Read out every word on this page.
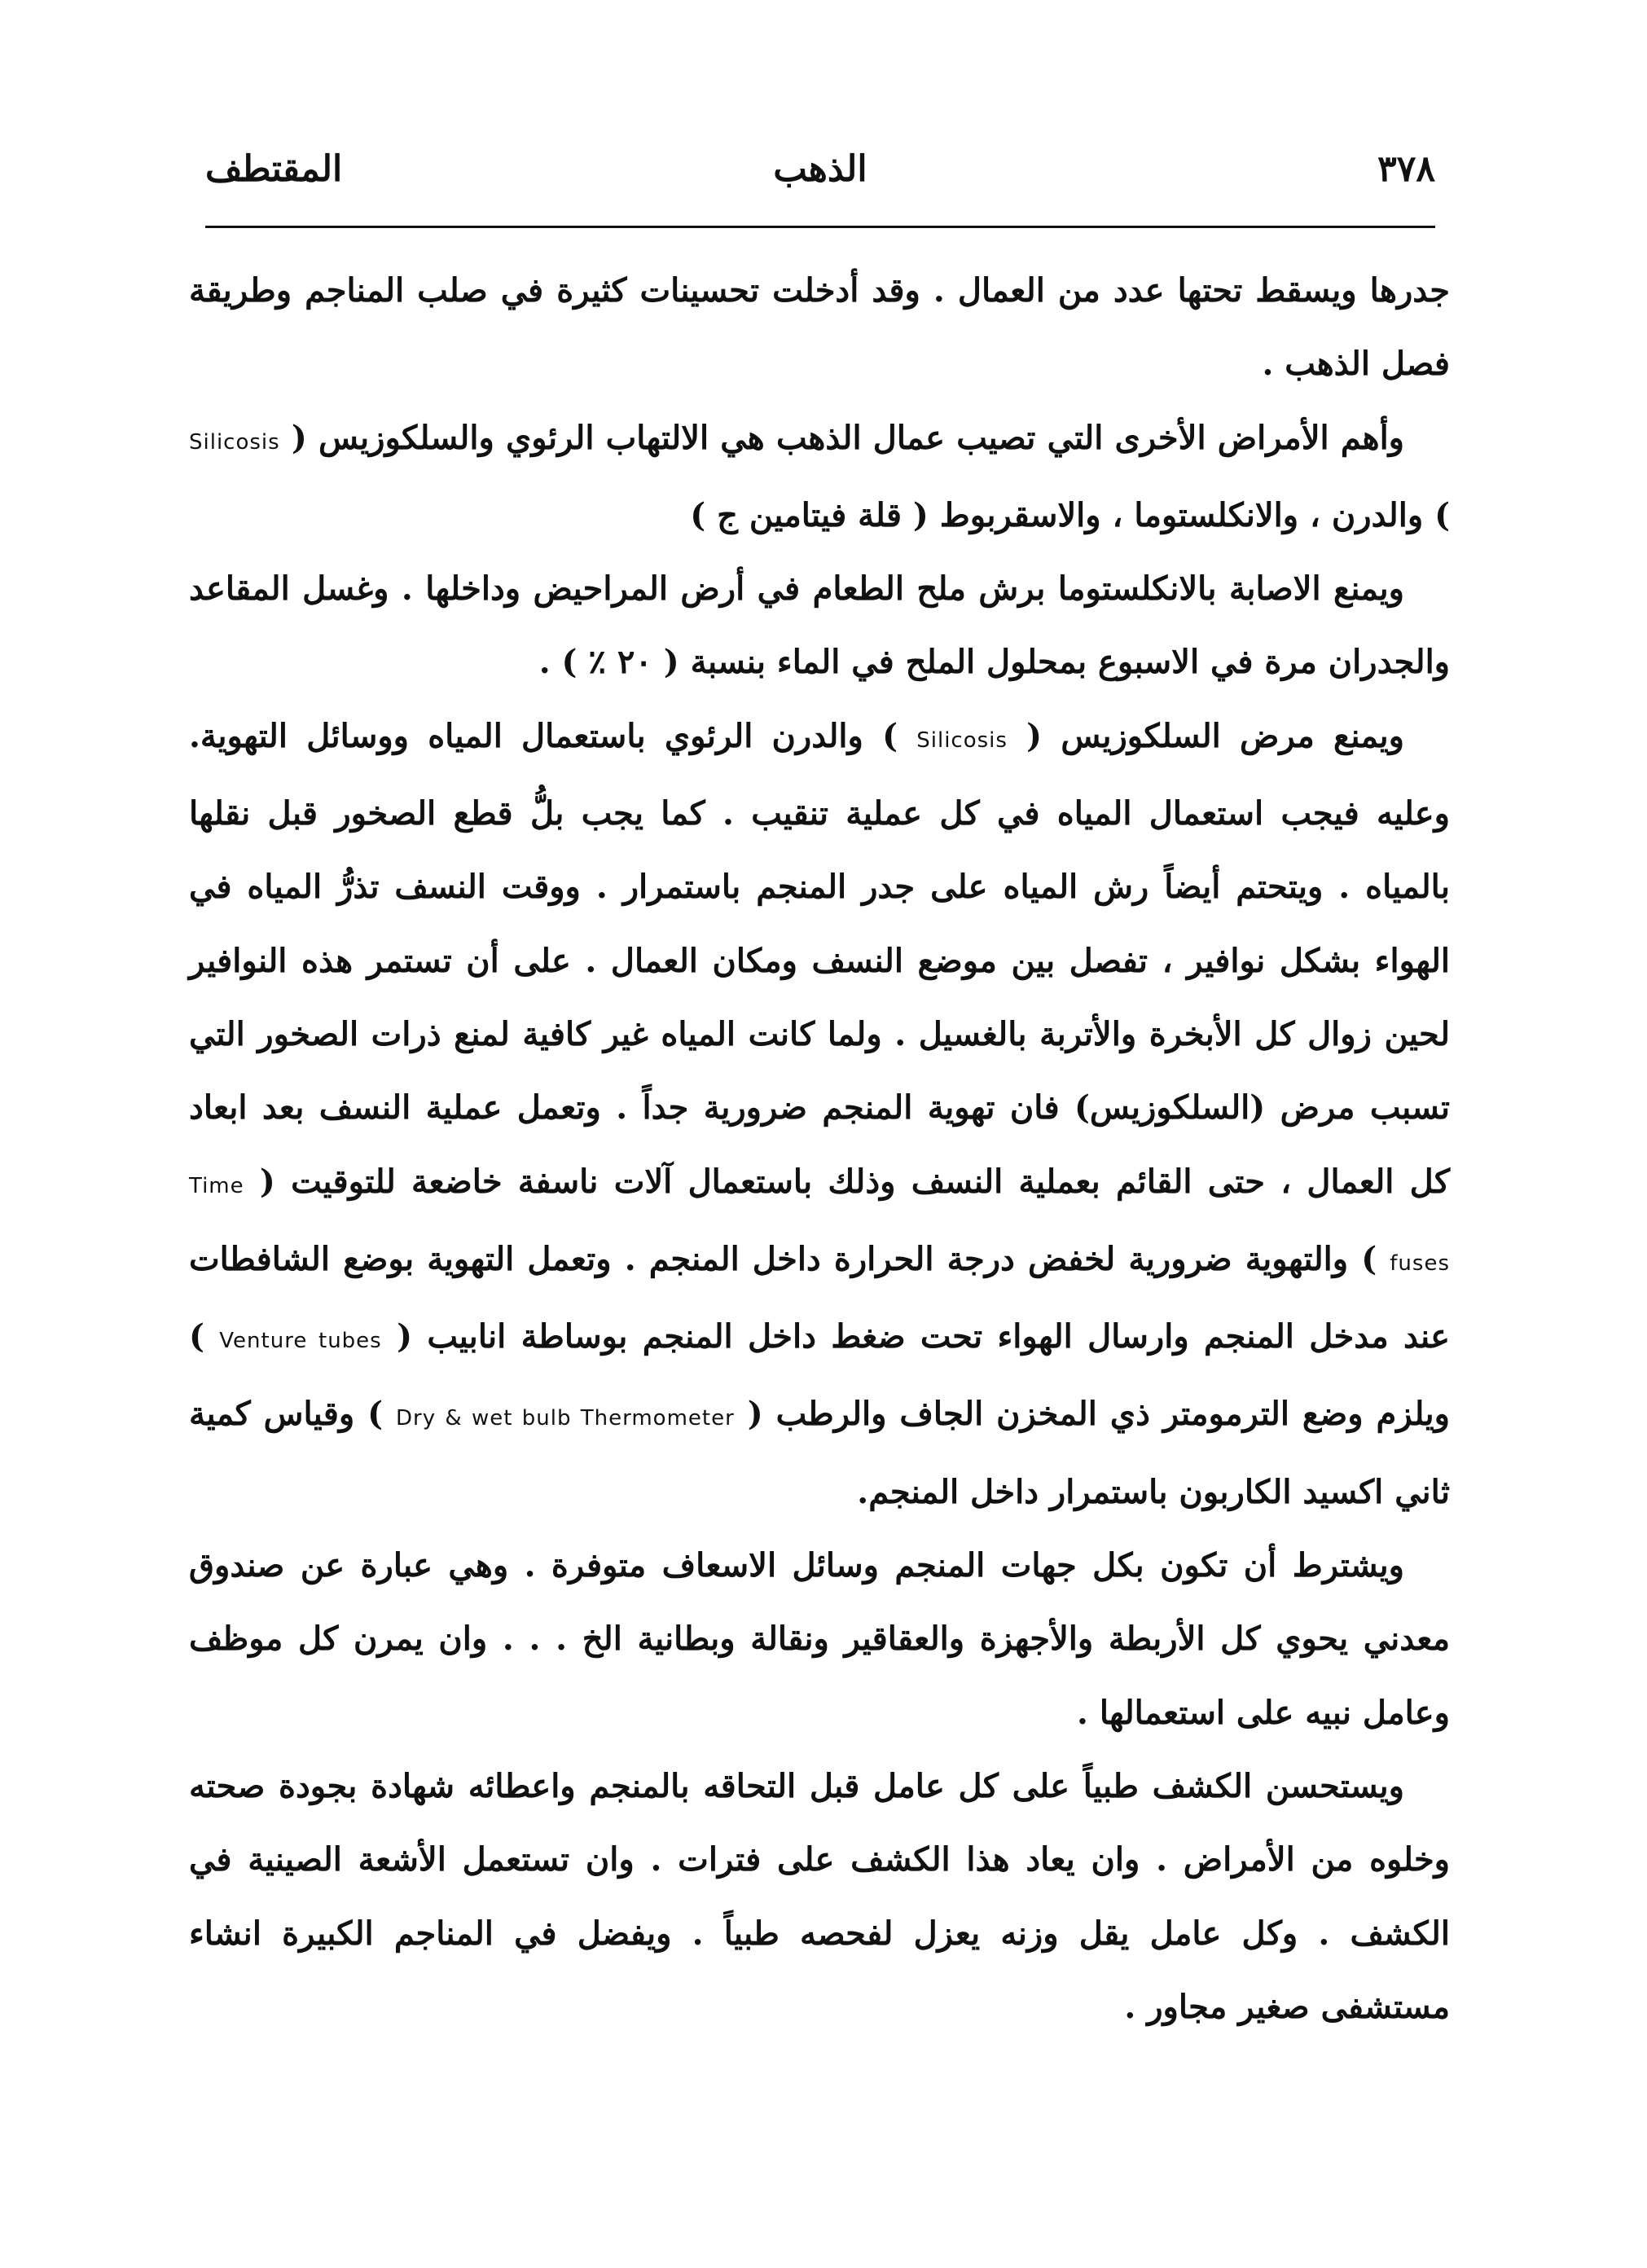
٣٧٨
الذهب
المقتطف

جدرها ويسقط تحتها عدد من العمال . وقد أدخلت تحسينات كثيرة في صلب المناجم وطريقة فصل الذهب .

وأهم الأمراض الأخرى التي تصيب عمال الذهب هي الالتهاب الرئوي والسلكوزيس ( Silicosis ) والدرن ، والانكلستوما ، والاسقربوط ( قلة فيتامين ج )

ويمنع الاصابة بالانكلستوما برش ملح الطعام في أرض المراحيض وداخلها . وغسل المقاعد والجدران مرة في الاسبوع بمحلول الملح في الماء بنسبة ( ٢٠ ٪ ) .

ويمنع مرض السلكوزيس ( Silicosis ) والدرن الرئوي باستعمال المياه ووسائل التهوية. وعليه فيجب استعمال المياه في كل عملية تنقيب . كما يجب بلُّ قطع الصخور قبل نقلها بالمياه . ويتحتم أيضاً رش المياه على جدر المنجم باستمرار . ووقت النسف تذرُّ المياه في الهواء بشكل نوافير ، تفصل بين موضع النسف ومكان العمال . على أن تستمر هذه النوافير لحين زوال كل الأبخرة والأتربة بالغسيل . ولما كانت المياه غير كافية لمنع ذرات الصخور التي تسبب مرض (السلكوزيس) فان تهوية المنجم ضرورية جداً . وتعمل عملية النسف بعد ابعاد كل العمال ، حتى القائم بعملية النسف وذلك باستعمال آلات ناسفة خاضعة للتوقيت ( Time fuses ) والتهوية ضرورية لخفض درجة الحرارة داخل المنجم . وتعمل التهوية بوضع الشافطات عند مدخل المنجم وارسال الهواء تحت ضغط داخل المنجم بوساطة انابيب ( Venture tubes ) ويلزم وضع الترمومتر ذي المخزن الجاف والرطب ( Dry & wet bulb Thermometer ) وقياس كمية ثاني اكسيد الكاربون باستمرار داخل المنجم.

ويشترط أن تكون بكل جهات المنجم وسائل الاسعاف متوفرة . وهي عبارة عن صندوق معدني يحوي كل الأربطة والأجهزة والعقاقير ونقالة وبطانية الخ . . . وان يمرن كل موظف وعامل نبيه على استعمالها .

ويستحسن الكشف طبياً على كل عامل قبل التحاقه بالمنجم واعطائه شهادة بجودة صحته وخلوه من الأمراض . وان يعاد هذا الكشف على فترات . وان تستعمل الأشعة الصينية في الكشف . وكل عامل يقل وزنه يعزل لفحصه طبياً . ويفضل في المناجم الكبيرة انشاء مستشفى صغير مجاور .
